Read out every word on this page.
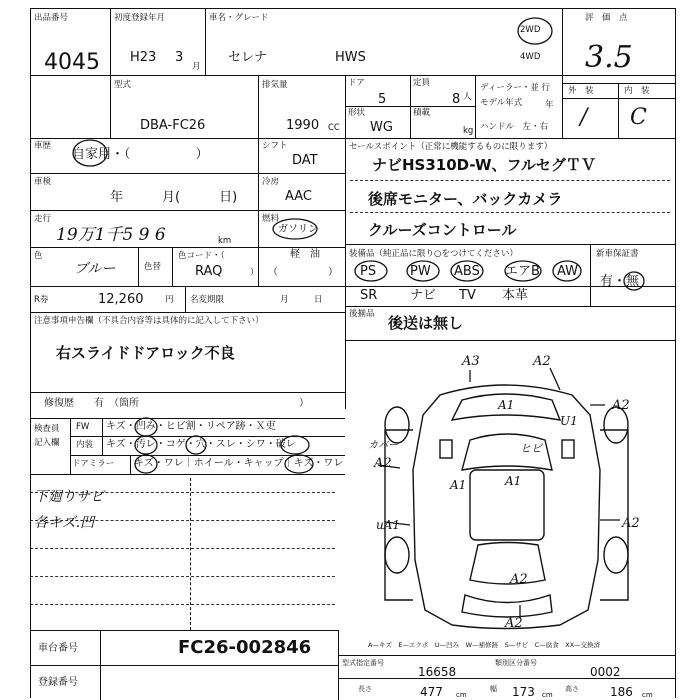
出品番号
4045
初度登録年月
H23 3
月
車名・グレード
セレナ	HWS
2WD
4WD
評　価　点
3.5
外　装	内　装
/ C
型式
DBA-FC26
排気量
1990 CC
ドア
5
定員
8 人
ディーラー・並 行
モデル年式	年
形状
WG
積載
kg ハンドル　左・右
車歴
自家用・（　　　　　）
シフト
DAT
車検
年　　　月(　　　日)
冷房
AAC
走行
19万1千5 9 6	km
燃料
ガソリン
軽　油
（　　　　　）
色
ブルー	色替
色コード・（
RAQ	）
R券	12,260	円 名変期限	月　　　日
セールスポイント（正常に機能するものに限ります）
ナビHS310D-W、フルセグＴＶ
後席モニター、バックカメラ
クルーズコントロール
装備品（純正品に限り○をつけてください）
PS	PW ABS エアB AW
SR	ナビ TV 本革
新車保証書
有・無
後揃品 後送は無し
注意事項申告欄（不具合内容等は具体的に記入して下さい）
右スライドドアロック不良
修復歴　　有　（箇所　　　　　　　　　　　　　　　　）
検査員
記入欄
FW キズ・凹み・ヒビ割・リペア跡・Ｘ吏
内装 キズ・汚レ・コゲ・穴・スレ・シワ・破レ
ドアミラー キズ・ワレ｜ホイール・キャップ｜キズ・ワレ
下廻りサビ
各キズ.凹
A3	A2
A1
U1
A2
カバー
A2
ヒビ
A1	A1
uA1	A2
A2
A2
A—キズ　E—エクボ　U—凹み　W—補修跡　S—サビ　C—腐食　XX—交換済
車台番号	FC26-002846
登録番号
型式指定番号
16658
類別区分番号
0002
長さ	477 cm
幅 173 cm
高さ	186 cm
